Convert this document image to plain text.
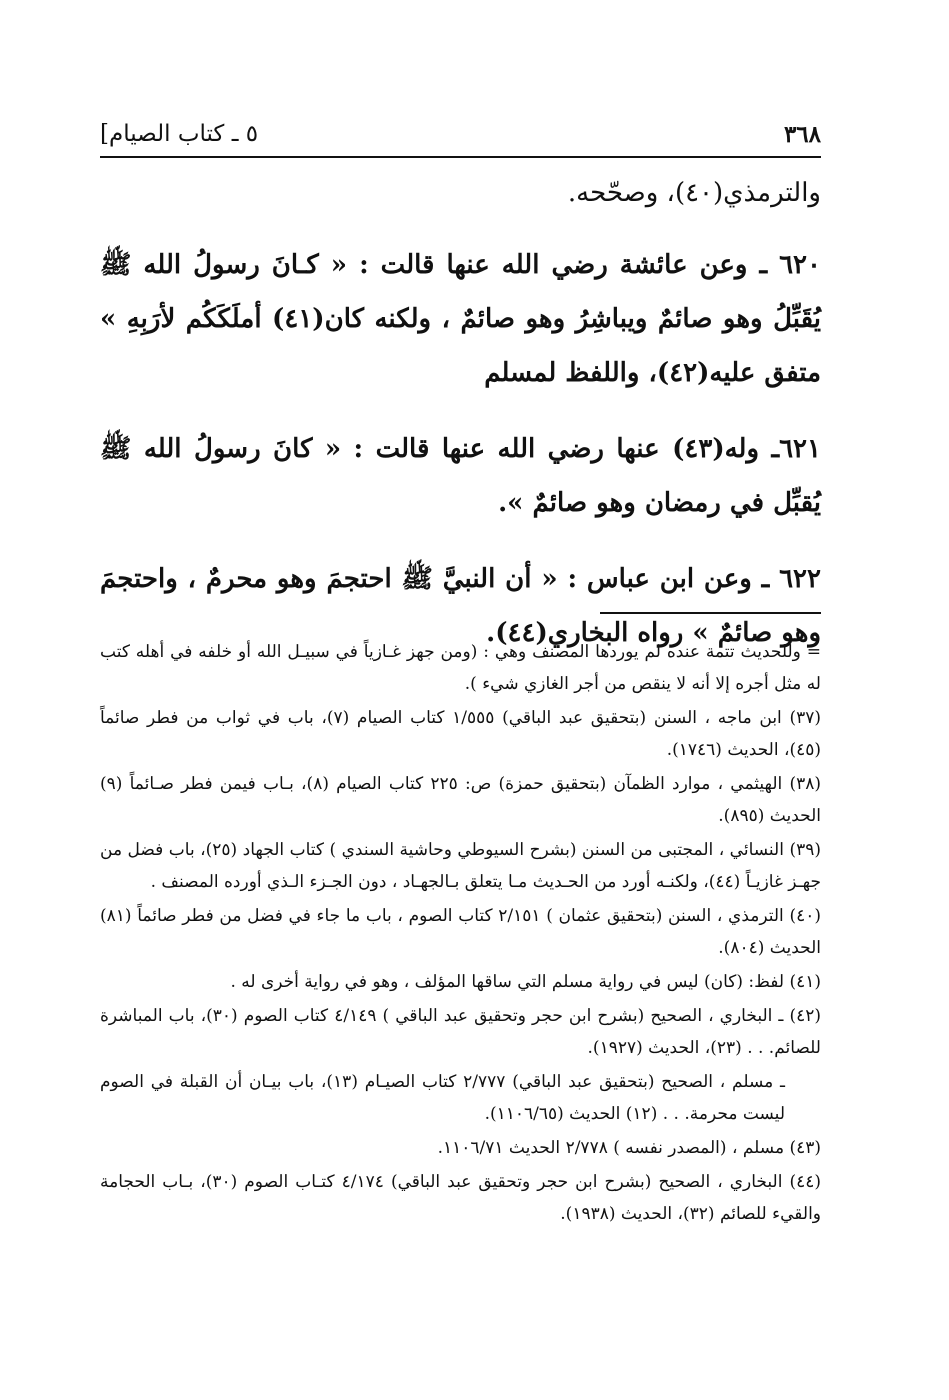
[٥ ـ كتاب الصيام	٣٦٨

والترمذي(٤٠)، وصحّحه.

٦٢٠ ـ وعن عائشة رضي الله عنها قالت : « كـانَ رسولُ الله ﷺ يُقَبِّلُ وهو صائمٌ ويباشِرُ وهو صائمٌ ، ولكنه كان(٤١) أملَكَكُم لأرَبِهِ » متفق عليه(٤٢)، واللفظ لمسلم

٦٢١ـ وله(٤٣) عنها رضي الله عنها قالت : « كانَ رسولُ الله ﷺ يُقبِّل في رمضان وهو صائمٌ ».

٦٢٢ ـ وعن ابن عباس : « أن النبيَّ ﷺ احتجمَ وهو محرمٌ ، واحتجمَ وهو صائمٌ » رواه البخاري(٤٤).

= وللحديث تتمة عنده لم يوردها المصنف وهي : (ومن جهز غـازياً في سبيـل الله أو خلفه في أهله كتب له مثل أجره إلا أنه لا ينقص من أجر الغازي شيء ).

(٣٧) ابن ماجه ، السنن (بتحقيق عبد الباقي) ١/٥٥٥ كتاب الصيام (٧)، باب في ثواب من فطر صائماً (٤٥)، الحديث (١٧٤٦).

(٣٨) الهيثمي ، موارد الظمآن (بتحقيق حمزة) ص: ٢٢٥ كتاب الصيام (٨)، بـاب فيمن فطر صـائماً (٩) الحديث (٨٩٥).

(٣٩) النسائي ، المجتبى من السنن (بشرح السيوطي وحاشية السندي ) كتاب الجهاد (٢٥)، باب فضل من جهـز غازيـاً (٤٤)، ولكنـه أورد من الحـديث مـا يتعلق بـالجهـاد ، دون الجـزء الـذي أورده المصنف .

(٤٠) الترمذي ، السنن (بتحقيق عثمان ) ٢/١٥١ كتاب الصوم ، باب ما جاء في فضل من فطر صائماً (٨١) الحديث (٨٠٤).

(٤١) لفظ: (كان) ليس في رواية مسلم التي ساقها المؤلف ، وهو في رواية أخرى له .

(٤٢) ـ البخاري ، الصحيح (بشرح ابن حجر وتحقيق عبد الباقي ) ٤/١٤٩ كتاب الصوم (٣٠)، باب المباشرة للصائم. . . (٢٣)، الحديث (١٩٢٧).

ـ مسلم ، الصحيح (بتحقيق عبد الباقي) ٢/٧٧٧ كتاب الصيـام (١٣)، باب بيـان أن القبلة في الصوم ليست محرمة. . . (١٢) الحديث (١١٠٦/٦٥).

(٤٣) مسلم ، (المصدر نفسه ) ٢/٧٧٨ الحديث ١١٠٦/٧١.

(٤٤) البخاري ، الصحيح (بشرح ابن حجر وتحقيق عبد الباقي) ٤/١٧٤ كتـاب الصوم (٣٠)، بـاب الحجامة والقيء للصائم (٣٢)، الحديث (١٩٣٨).
